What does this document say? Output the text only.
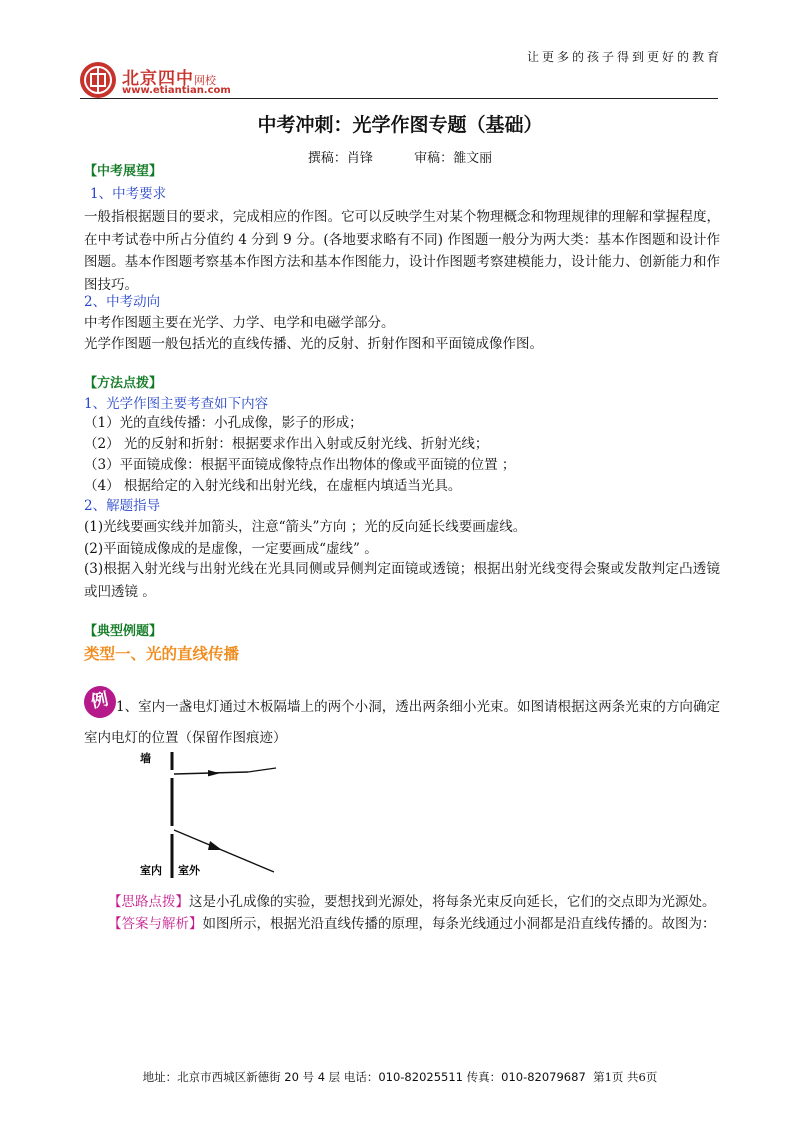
北京四中网校
www.etiantian.com
让更多的孩子得到更好的教育
中考冲刺：光学作图专题（基础）
撰稿：肖锋          审稿：雒文丽
【中考展望】
1、中考要求
一般指根据题目的要求，完成相应的作图。它可以反映学生对某个物理概念和物理规律的理解和掌握程度，在中考试卷中所占分值约 4 分到 9 分。(各地要求略有不同) 作图题一般分为两大类：基本作图题和设计作图题。基本作图题考察基本作图方法和基本作图能力，设计作图题考察建模能力，设计能力、创新能力和作图技巧。
2、中考动向
中考作图题主要在光学、力学、电学和电磁学部分。
光学作图题一般包括光的直线传播、光的反射、折射作图和平面镜成像作图。
【方法点拨】
1、光学作图主要考查如下内容
（1）光的直线传播：小孔成像，影子的形成；
（2） 光的反射和折射：根据要求作出入射或反射光线、折射光线；
（3）平面镜成像：根据平面镜成像特点作出物体的像或平面镜的位置 ；
（4） 根据给定的入射光线和出射光线，在虚框内填适当光具。
2、解题指导
(1)光线要画实线并加箭头，注意“箭头”方向 ；光的反向延长线要画虚线。
(2)平面镜成像成的是虚像，一定要画成“虚线” 。
(3)根据入射光线与出射光线在光具同侧或异侧判定面镜或透镜；根据出射光线变得会聚或发散判定凸透镜或凹透镜 。
【典型例题】
类型一、光的直线传播
例 1、室内一盏电灯通过木板隔墙上的两个小洞，透出两条细小光束。如图请根据这两条光束的方向确定室内电灯的位置（保留作图痕迹）
墙
室内 室外
【思路点拨】这是小孔成像的实验，要想找到光源处，将每条光束反向延长，它们的交点即为光源处。
【答案与解析】如图所示，根据光沿直线传播的原理，每条光线通过小洞都是沿直线传播的。故图为：
地址：北京市西城区新德街 20 号 4 层 电话：010-82025511 传真：010-82079687 第1页 共6页
